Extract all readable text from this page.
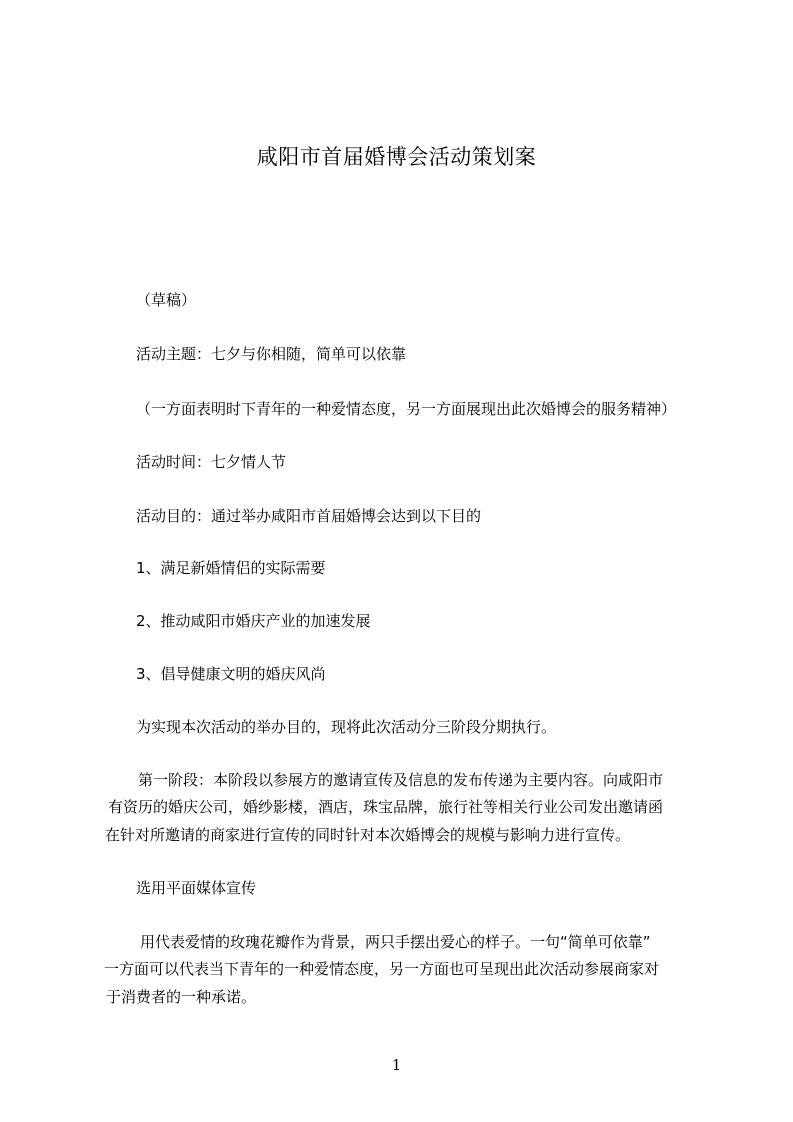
咸阳市首届婚博会活动策划案
（草稿）
活动主题：七夕与你相随，简单可以依靠
（一方面表明时下青年的一种爱情态度，另一方面展现出此次婚博会的服务精神）
活动时间：七夕情人节
活动目的：通过举办咸阳市首届婚博会达到以下目的
1、满足新婚情侣的实际需要
2、推动咸阳市婚庆产业的加速发展
3、倡导健康文明的婚庆风尚
为实现本次活动的举办目的，现将此次活动分三阶段分期执行。
第一阶段：本阶段以参展方的邀请宣传及信息的发布传递为主要内容。向咸阳市
有资历的婚庆公司，婚纱影楼，酒店，珠宝品牌，旅行社等相关行业公司发出邀请函
在针对所邀请的商家进行宣传的同时针对本次婚博会的规模与影响力进行宣传。
选用平面媒体宣传
用代表爱情的玫瑰花瓣作为背景，两只手摆出爱心的样子。一句“简单可依靠”
一方面可以代表当下青年的一种爱情态度，另一方面也可呈现出此次活动参展商家对
于消费者的一种承诺。
1
